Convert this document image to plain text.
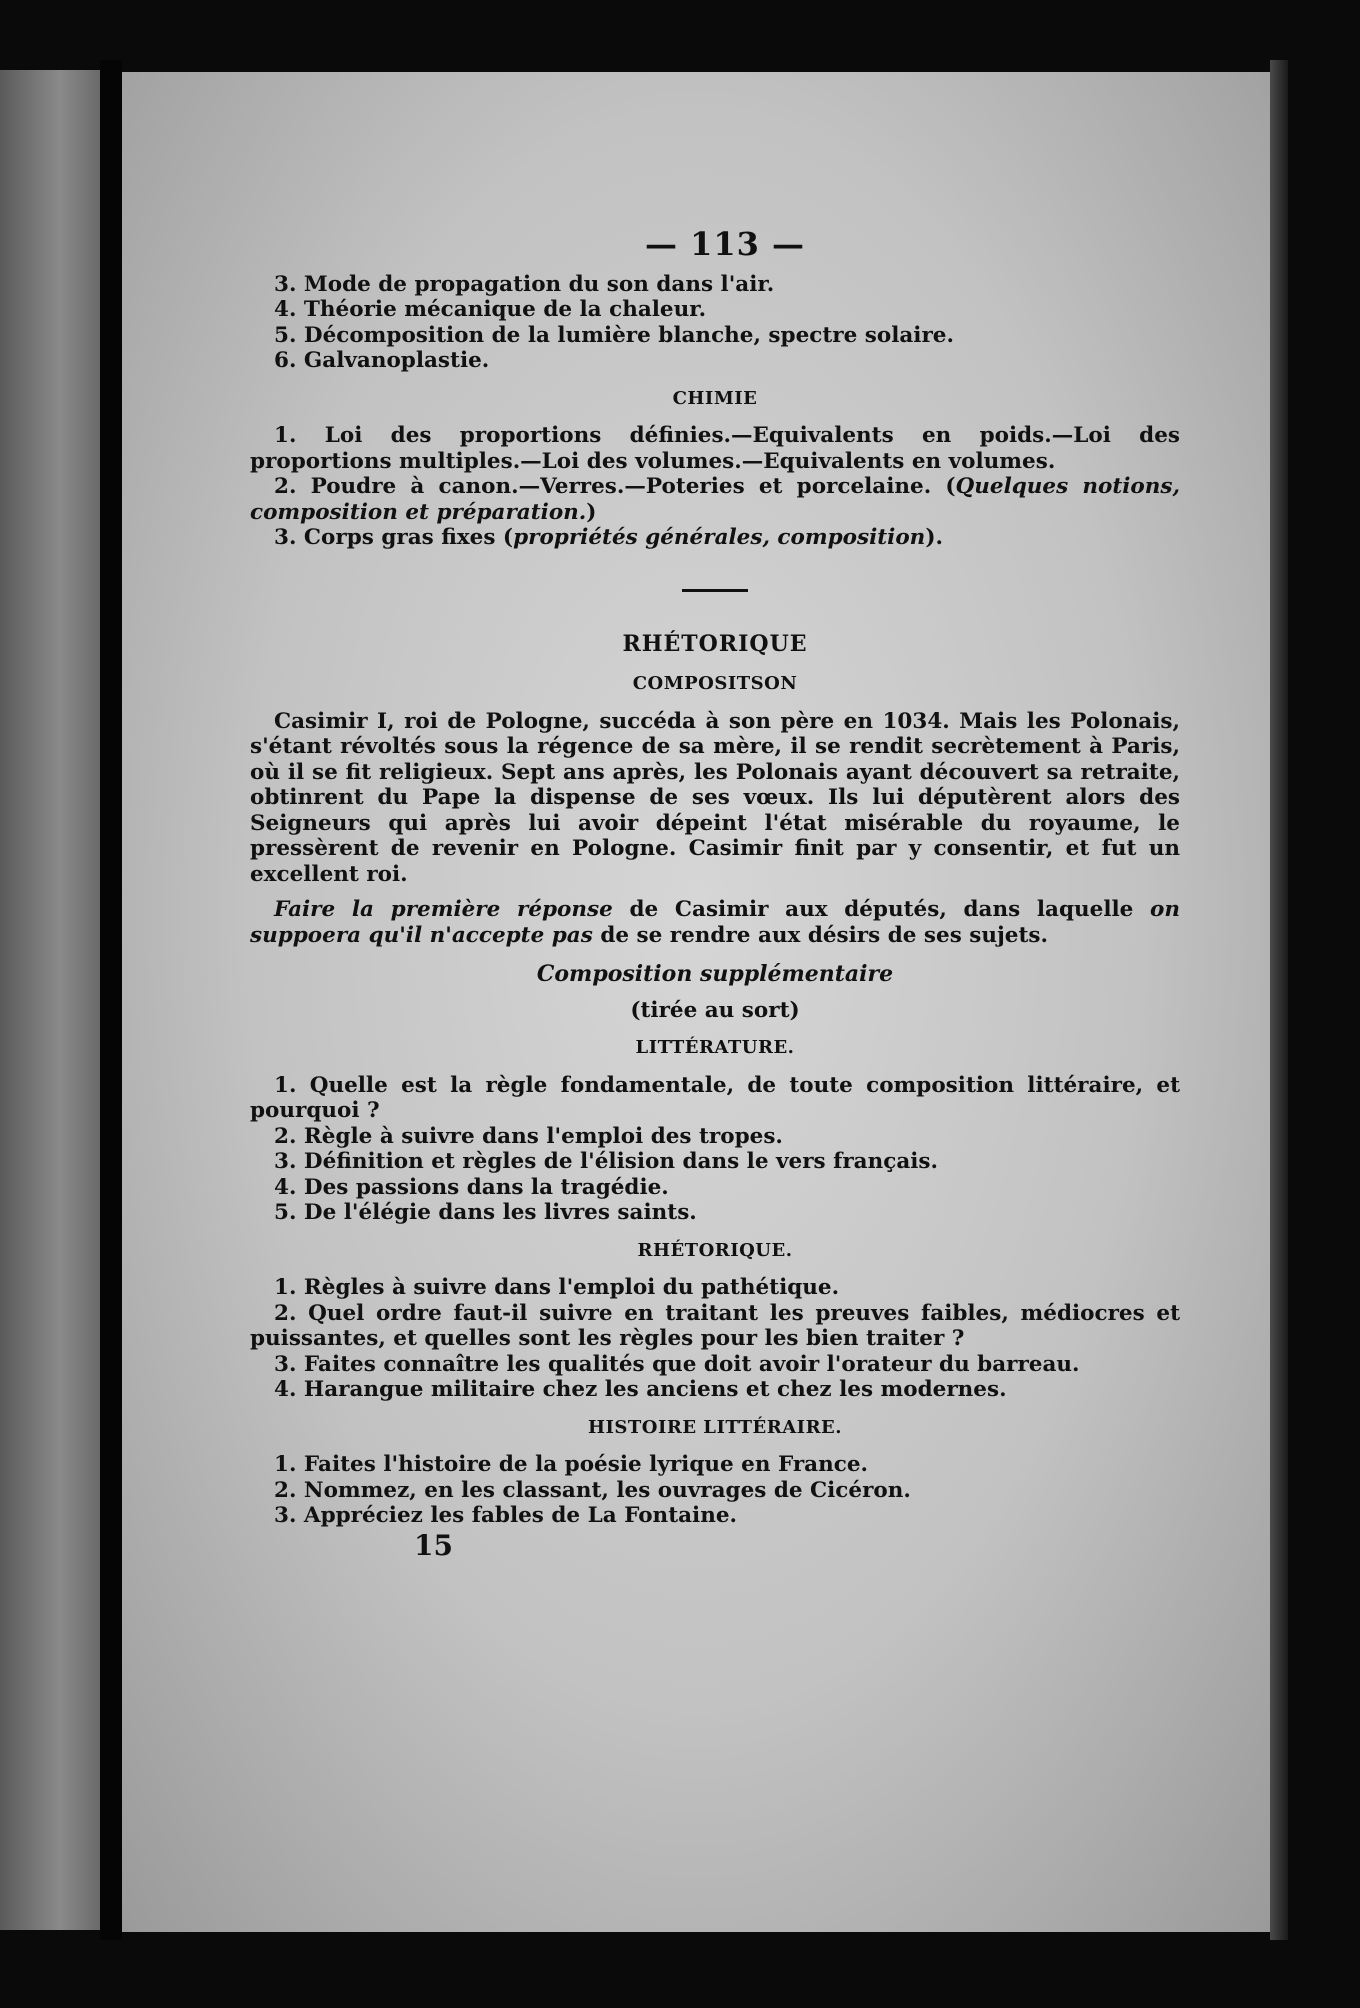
— 113 —

3. Mode de propagation du son dans l'air.

4. Théorie mécanique de la chaleur.

5. Décomposition de la lumière blanche, spectre solaire.

6. Galvanoplastie.

CHIMIE

1. Loi des proportions définies.—Equivalents en poids.—Loi des proportions multiples.—Loi des volumes.—Equivalents en volumes.

2. Poudre à canon.—Verres.—Poteries et porcelaine. (Quelques notions, composition et préparation.)

3. Corps gras fixes (propriétés générales, composition).

RHÉTORIQUE
COMPOSITSON

Casimir I, roi de Pologne, succéda à son père en 1034. Mais les Polonais, s'étant révoltés sous la régence de sa mère, il se rendit secrètement à Paris, où il se fit religieux. Sept ans après, les Polonais ayant découvert sa retraite, obtinrent du Pape la dispense de ses vœux. Ils lui députèrent alors des Seigneurs qui après lui avoir dépeint l'état misérable du royaume, le pressèrent de revenir en Pologne. Casimir finit par y consentir, et fut un excellent roi.

Faire la première réponse de Casimir aux députés, dans laquelle on suppoera qu'il n'accepte pas de se rendre aux désirs de ses sujets.

Composition supplémentaire
(tirée au sort)
LITTÉRATURE.

1. Quelle est la règle fondamentale, de toute composition littéraire, et pourquoi ?

2. Règle à suivre dans l'emploi des tropes.

3. Définition et règles de l'élision dans le vers français.

4. Des passions dans la tragédie.

5. De l'élégie dans les livres saints.

RHÉTORIQUE.

1. Règles à suivre dans l'emploi du pathétique.

2. Quel ordre faut-il suivre en traitant les preuves faibles, médiocres et puissantes, et quelles sont les règles pour les bien traiter ?

3. Faites connaître les qualités que doit avoir l'orateur du barreau.

4. Harangue militaire chez les anciens et chez les modernes.

HISTOIRE LITTÉRAIRE.

1. Faites l'histoire de la poésie lyrique en France.

2. Nommez, en les classant, les ouvrages de Cicéron.

3. Appréciez les fables de La Fontaine.

15
